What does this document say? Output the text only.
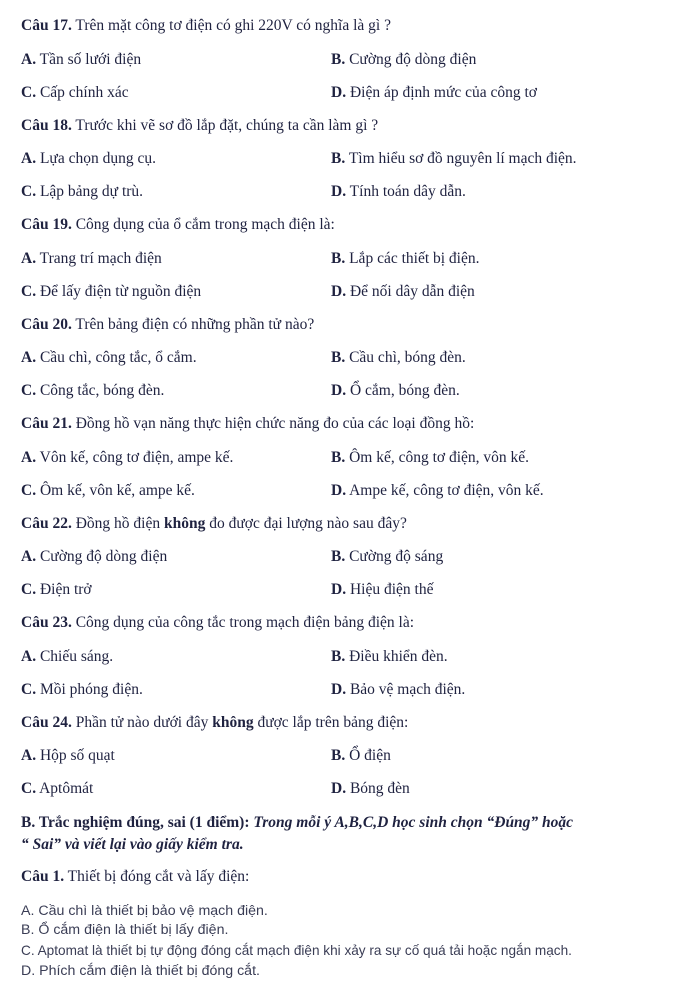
Câu 17. Trên mặt công tơ điện có ghi 220V có nghĩa là gì ?
A. Tần số lưới điện	B. Cường độ dòng điện
C. Cấp chính xác	D. Điện áp định mức của công tơ
Câu 18. Trước khi vẽ sơ đồ lắp đặt, chúng ta cần làm gì ?
A. Lựa chọn dụng cụ.	B. Tìm hiểu sơ đồ nguyên lí mạch điện.
C. Lập bảng dự trù.	D. Tính toán dây dẫn.
Câu 19. Công dụng của ổ cắm trong mạch điện là:
A. Trang trí mạch điện	B. Lắp các thiết bị điện.
C. Để lấy điện từ nguồn điện	D. Để nối dây dẫn điện
Câu 20. Trên bảng điện có những phần tử nào?
A. Cầu chì, công tắc, ổ cắm.	B. Cầu chì, bóng đèn.
C. Công tắc, bóng đèn.	D. Ổ cắm, bóng đèn.
Câu 21. Đồng hồ vạn năng thực hiện chức năng đo của các loại đồng hồ:
A. Vôn kế, công tơ điện, ampe kế.	B. Ôm kế, công tơ điện, vôn kế.
C. Ôm kế, vôn kế, ampe kế.	D. Ampe kế, công tơ điện, vôn kế.
Câu 22. Đồng hồ điện không đo được đại lượng nào sau đây?
A. Cường độ dòng điện	B. Cường độ sáng
C. Điện trở	D. Hiệu điện thế
Câu 23. Công dụng của công tắc trong mạch điện bảng điện là:
A. Chiếu sáng.	B. Điều khiển đèn.
C. Mồi phóng điện.	D. Bảo vệ mạch điện.
Câu 24. Phần tử nào dưới đây không được lắp trên bảng điện:
A. Hộp số quạt	B. Ổ điện
C. Aptômát	D. Bóng đèn
B. Trắc nghiệm đúng, sai (1 điểm): Trong mỗi ý A,B,C,D học sinh chọn “Đúng” hoặc
“ Sai” và viết lại vào giấy kiểm tra.
Câu 1. Thiết bị đóng cắt và lấy điện:
A. Cầu chì là thiết bị bảo vệ mạch điện.
B. Ổ cắm điện là thiết bị lấy điện.
C. Aptomat là thiết bị tự động đóng cắt mạch điện khi xảy ra sự cố quá tải hoặc ngắn mạch.
D. Phích cắm điện là thiết bị đóng cắt.
